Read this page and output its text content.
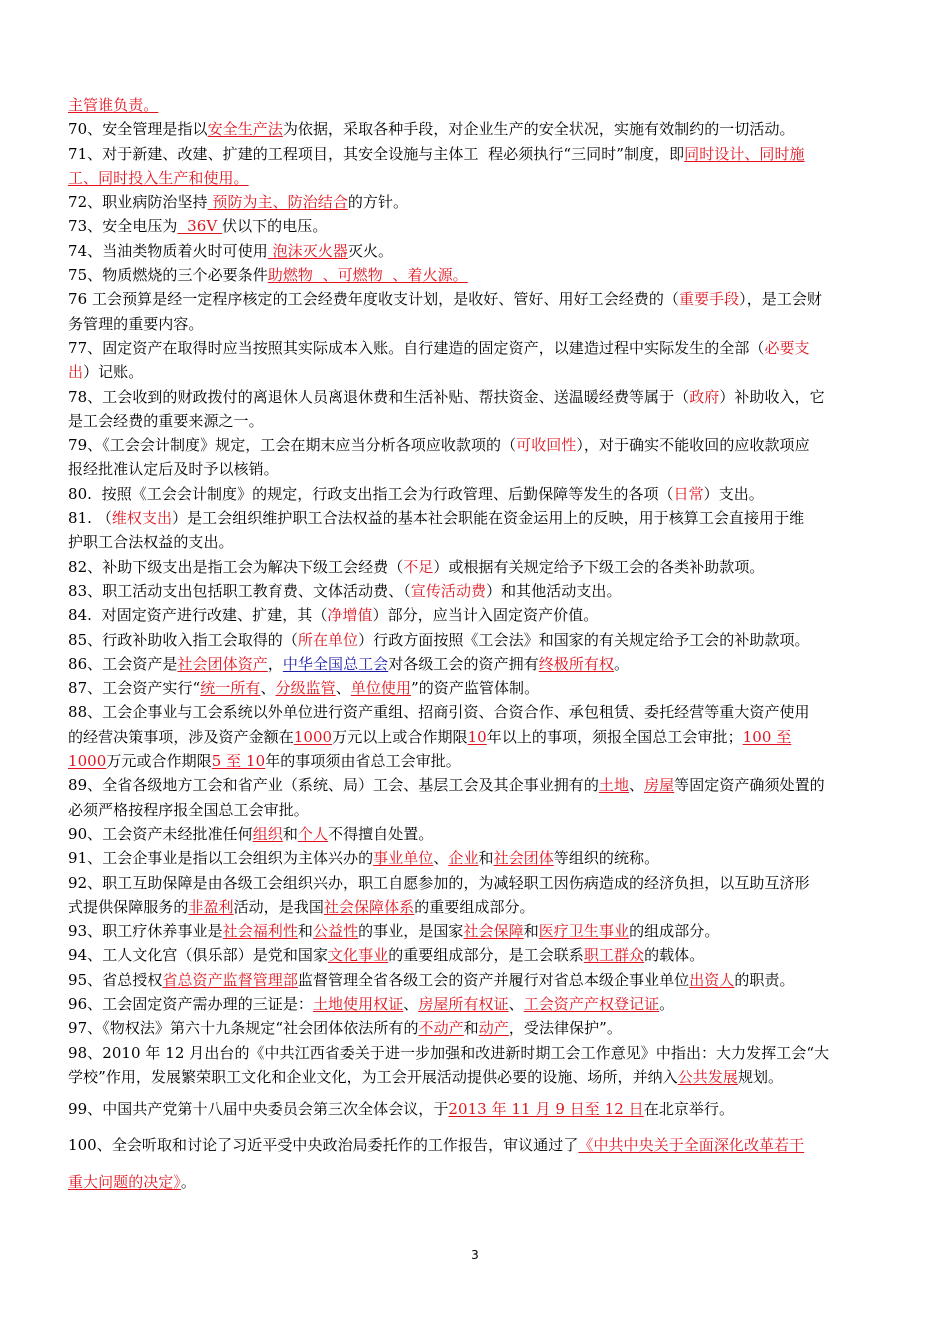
主管谁负责。
70、安全管理是指以安全生产法为依据，采取各种手段，对企业生产的安全状况，实施有效制约的一切活动。
71、对于新建、改建、扩建的工程项目，其安全设施与主体工  程必须执行“三同时”制度，即同时设计、同时施
工、同时投入生产和使用。
72、职业病防治坚持 预防为主、防治结合的方针。
73、安全电压为  36V 伏以下的电压。
74、当油类物质着火时可使用 泡沫灭火器灭火。
75、物质燃烧的三个必要条件助燃物  、可燃物  、着火源。
76 工会预算是经一定程序核定的工会经费年度收支计划，是收好、管好、用好工会经费的（重要手段），是工会财
务管理的重要内容。
77、固定资产在取得时应当按照其实际成本入账。自行建造的固定资产，以建造过程中实际发生的全部（必要支
出）记账。
78、工会收到的财政拨付的离退休人员离退休费和生活补贴、帮扶资金、送温暖经费等属于（政府）补助收入，它
是工会经费的重要来源之一。
79、《工会会计制度》规定，工会在期末应当分析各项应收款项的（可收回性），对于确实不能收回的应收款项应
报经批准认定后及时予以核销。
80.  按照《工会会计制度》的规定，行政支出指工会为行政管理、后勤保障等发生的各项（日常）支出。
81. （维权支出）是工会组织维护职工合法权益的基本社会职能在资金运用上的反映，用于核算工会直接用于维
护职工合法权益的支出。
82、补助下级支出是指工会为解决下级工会经费（不足）或根据有关规定给予下级工会的各类补助款项。
83、职工活动支出包括职工教育费、文体活动费、（宣传活动费）和其他活动支出。
84.  对固定资产进行改建、扩建，其（净增值）部分，应当计入固定资产价值。
85、行政补助收入指工会取得的（所在单位）行政方面按照《工会法》和国家的有关规定给予工会的补助款项。
86、工会资产是社会团体资产，中华全国总工会对各级工会的资产拥有终极所有权。
87、工会资产实行“统一所有、分级监管、单位使用”的资产监管体制。
88、工会企事业与工会系统以外单位进行资产重组、招商引资、合资合作、承包租赁、委托经营等重大资产使用
的经营决策事项，涉及资产金额在1000万元以上或合作期限10年以上的事项，须报全国总工会审批；100 至
1000万元或合作期限5 至 10年的事项须由省总工会审批。
89、全省各级地方工会和省产业（系统、局）工会、基层工会及其企事业拥有的土地、房屋等固定资产确须处置的
必须严格按程序报全国总工会审批。
90、工会资产未经批准任何组织和个人不得擅自处置。
91、工会企事业是指以工会组织为主体兴办的事业单位、企业和社会团体等组织的统称。
92、职工互助保障是由各级工会组织兴办，职工自愿参加的，为减轻职工因伤病造成的经济负担，以互助互济形
式提供保障服务的非盈利活动，是我国社会保障体系的重要组成部分。
93、职工疗休养事业是社会福利性和公益性的事业，是国家社会保障和医疗卫生事业的组成部分。
94、工人文化宫（俱乐部）是党和国家文化事业的重要组成部分，是工会联系职工群众的载体。
95、省总授权省总资产监督管理部监督管理全省各级工会的资产并履行对省总本级企事业单位出资人的职责。
96、工会固定资产需办理的三证是：土地使用权证、房屋所有权证、工会资产产权登记证。
97、《物权法》第六十九条规定“社会团体依法所有的不动产和动产，受法律保护”。
98、2010 年 12 月出台的《中共江西省委关于进一步加强和改进新时期工会工作意见》中指出：大力发挥工会“大
学校”作用，发展繁荣职工文化和企业文化，为工会开展活动提供必要的设施、场所，并纳入公共发展规划。
99、中国共产党第十八届中央委员会第三次全体会议，于2013 年 11 月 9 日至 12 日在北京举行。
100、全会听取和讨论了习近平受中央政治局委托作的工作报告，审议通过了《中共中央关于全面深化改革若干
重大问题的决定》。
3
